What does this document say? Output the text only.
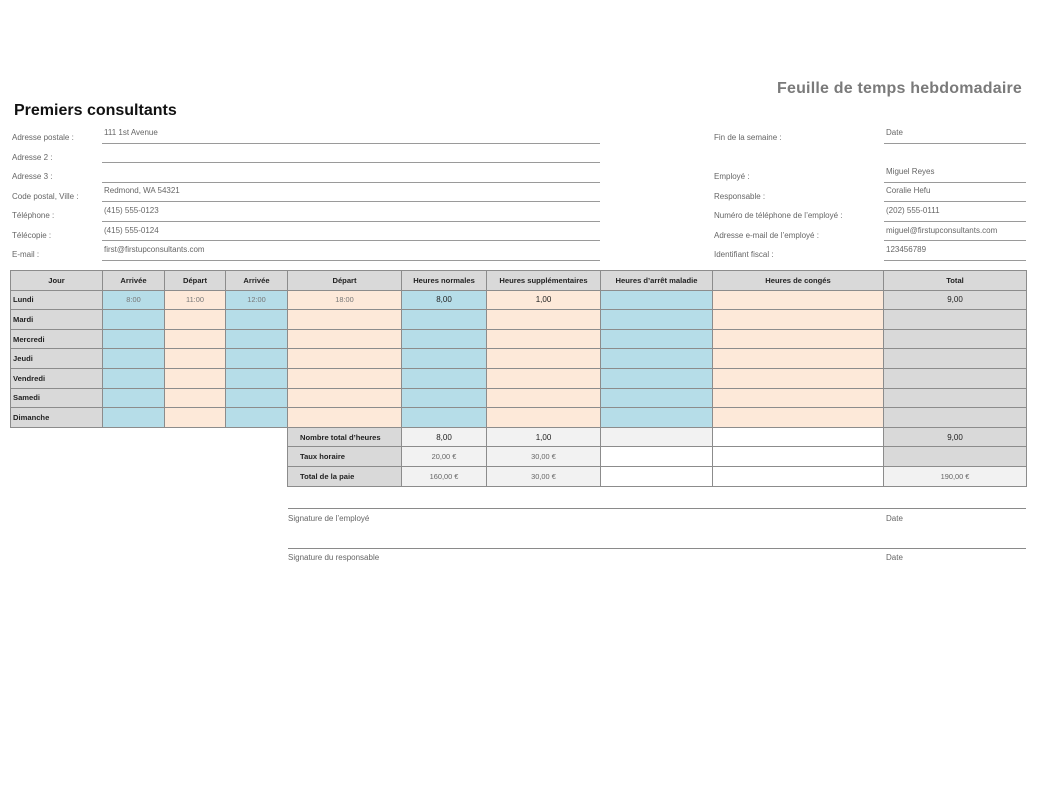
Feuille de temps hebdomadaire
Premiers consultants
Adresse postale :
111 1st Avenue
Adresse 2 :
Adresse 3 :
Code postal, Ville :
Redmond, WA 54321
Téléphone :
(415) 555-0123
Télécopie :
(415) 555-0124
E-mail :
first@firstupconsultants.com
Fin de la semaine :
Date
Employé :
Miguel Reyes
Responsable :
Coralie Hefu
Numéro de téléphone de l’employé :
(202) 555-0111
Adresse e-mail de l’employé :
miguel@firstupconsultants.com
Identifiant fiscal :
123456789
Jour	Arrivée	Départ	Arrivée	Départ	Heures normales	Heures supplémentaires	Heures d’arrêt maladie	Heures de congés	Total
Lundi	8:00	11:00	12:00	18:00	8,00	1,00			9,00
Mardi									
Mercredi									
Jeudi									
Vendredi									
Samedi									
Dimanche									
				Nombre total d’heures	8,00	1,00			9,00
				Taux horaire	20,00 €	30,00 €			
				Total de la paie	160,00 €	30,00 €			190,00 €
Signature de l’employé	Date
Signature du responsable	Date
